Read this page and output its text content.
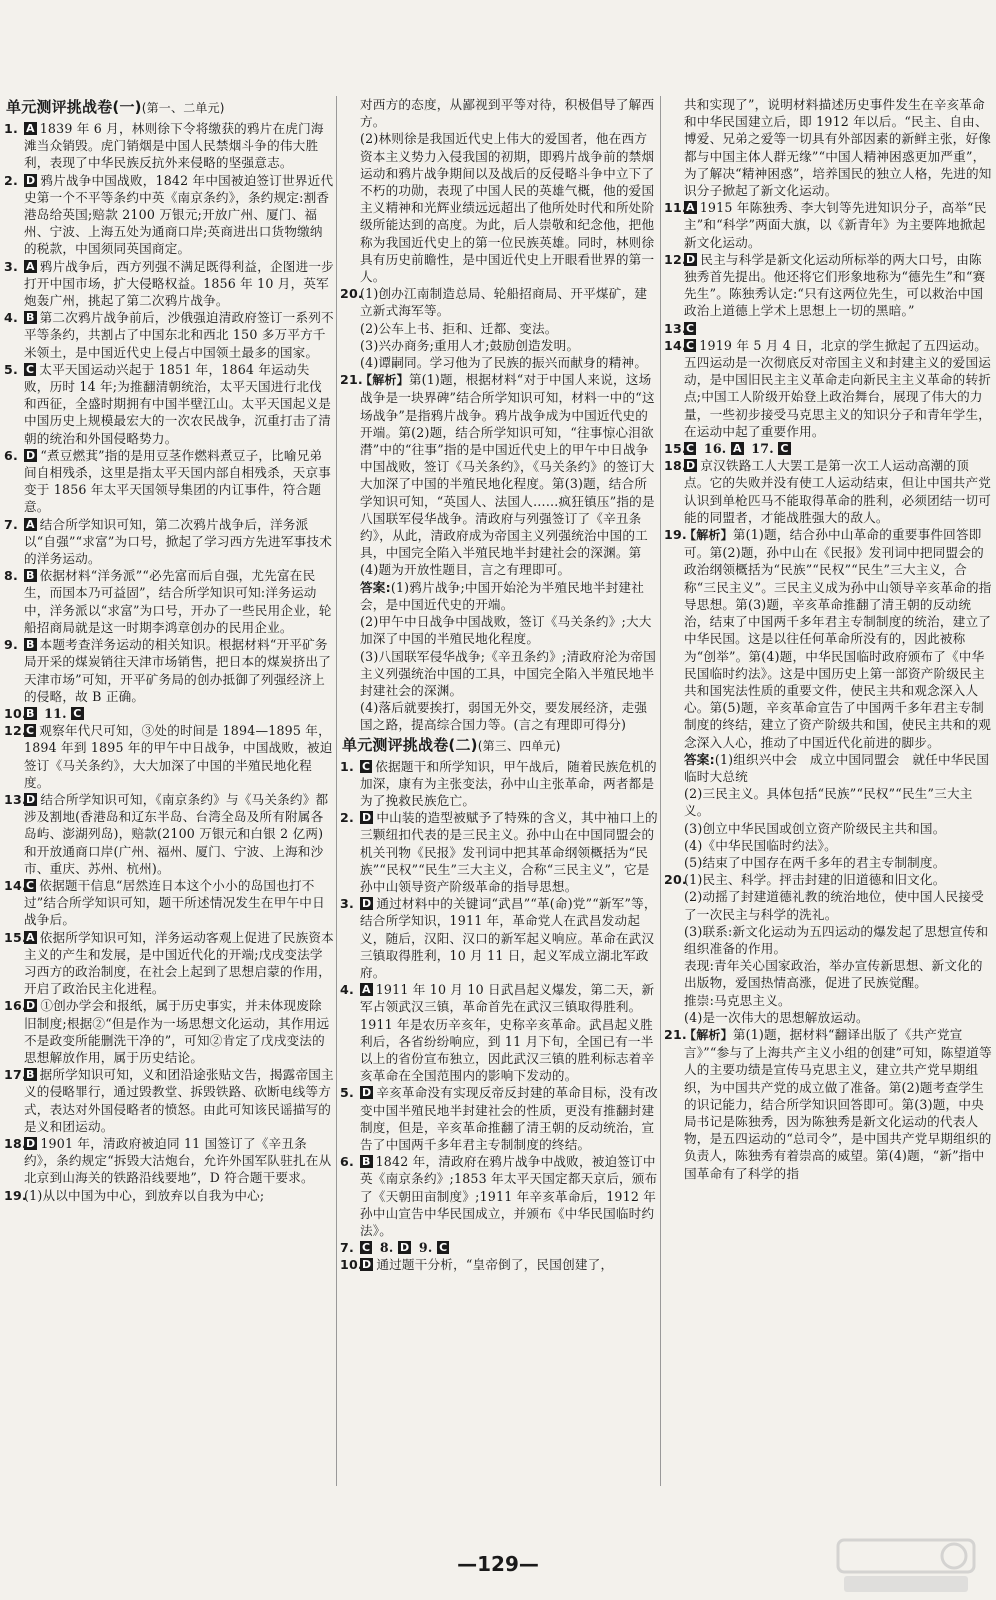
单元测评挑战卷(一)(第一、二单元)
1. A 1839 年 6 月，林则徐下令将缴获的鸦片在虎门海滩当众销毁。虎门销烟是中国人民禁烟斗争的伟大胜利，表现了中华民族反抗外来侵略的坚强意志。
2. D 鸦片战争中国战败，1842 年中国被迫签订世界近代史第一个不平等条约中英《南京条约》，条约规定:割香港岛给英国;赔款 2100 万银元;开放广州、厦门、福州、宁波、上海五处为通商口岸;英商进出口货物缴纳的税款，中国须同英国商定。
3. A 鸦片战争后，西方列强不满足既得利益，企图进一步打开中国市场，扩大侵略权益。1856 年 10 月，英军炮轰广州，挑起了第二次鸦片战争。
4. B 第二次鸦片战争前后，沙俄强迫清政府签订一系列不平等条约，共割占了中国东北和西北 150 多万平方千米领土，是中国近代史上侵占中国领土最多的国家。
5. C 太平天国运动兴起于 1851 年，1864 年运动失败，历时 14 年;为推翻清朝统治，太平天国进行北伐和西征，全盛时期拥有中国半壁江山。太平天国起义是中国历史上规模最宏大的一次农民战争，沉重打击了清朝的统治和外国侵略势力。
6. D “煮豆燃萁”指的是用豆茎作燃料煮豆子，比喻兄弟间自相残杀，这里是指太平天国内部自相残杀，天京事变于 1856 年太平天国领导集团的内讧事件，符合题意。
7. A 结合所学知识可知，第二次鸦片战争后，洋务派以“自强”“求富”为口号，掀起了学习西方先进军事技术的洋务运动。
8. B 依据材料“洋务派”“必先富而后自强，尤先富在民生，而国本乃可益固”，结合所学知识可知:洋务运动中，洋务派以“求富”为口号，开办了一些民用企业，轮船招商局就是这一时期李鸿章创办的民用企业。
9. B 本题考查洋务运动的相关知识。根据材料“开平矿务局开采的煤炭销往天津市场销售，把日本的煤炭挤出了天津市场”可知，开平矿务局的创办抵御了列强经济上的侵略，故 B 正确。
10. B 11. C
12. C 观察年代尺可知，③处的时间是 1894—1895 年，1894 年到 1895 年的甲午中日战争，中国战败，被迫签订《马关条约》，大大加深了中国的半殖民地化程度。
13. D 结合所学知识可知，《南京条约》与《马关条约》都涉及割地(香港岛和辽东半岛、台湾全岛及所有附属各岛屿、澎湖列岛)，赔款(2100 万银元和白银 2 亿两)和开放通商口岸(广州、福州、厦门、宁波、上海和沙市、重庆、苏州、杭州)。
14. C 依据题干信息“居然连日本这个小小的岛国也打不过”结合所学知识可知，题干所述情况发生在甲午中日战争后。
15. A 依据所学知识可知，洋务运动客观上促进了民族资本主义的产生和发展，是中国近代化的开端;戊戌变法学习西方的政治制度，在社会上起到了思想启蒙的作用，开启了政治民主化进程。
16. D ①创办学会和报纸，属于历史事实，并未体现废除旧制度;根据②“但是作为一场思想文化运动，其作用远不是政变所能删洗干净的”，可知②肯定了戊戌变法的思想解放作用，属于历史结论。
17. B 据所学知识可知，义和团沿途张贴文告，揭露帝国主义的侵略罪行，通过毁教堂、拆毁铁路、砍断电线等方式，表达对外国侵略者的愤怒。由此可知该民谣描写的是义和团运动。
18. D 1901 年，清政府被迫同 11 国签订了《辛丑条约》，条约规定“拆毁大沽炮台，允许外国军队驻扎在从北京到山海关的铁路沿线要地”，D 符合题干要求。
19.
(1)从以中国为中心，到放弃以自我为中心;
对西方的态度，从鄙视到平等对待，积极倡导了解西方。
(2)林则徐是我国近代史上伟大的爱国者，他在西方资本主义势力入侵我国的初期，即鸦片战争前的禁烟运动和鸦片战争期间以及战后的反侵略斗争中立下了不朽的功勋，表现了中国人民的英雄气概，他的爱国主义精神和光辉业绩远远超出了他所处时代和所处阶级所能达到的高度。为此，后人崇敬和纪念他，把他称为我国近代史上的第一位民族英雄。同时，林则徐具有历史前瞻性，是中国近代史上开眼看世界的第一人。
20.
(1)创办江南制造总局、轮船招商局、开平煤矿，建立新式海军等。
(2)公车上书、拒和、迁都、变法。
(3)兴办商务;重用人才;鼓励创造发明。
(4)谭嗣同。学习他为了民族的振兴而献身的精神。
21.
【解析】第(1)题，根据材料“对于中国人来说，这场战争是一块界碑”结合所学知识可知，材料一中的“这场战争”是指鸦片战争。鸦片战争成为中国近代史的开端。第(2)题，结合所学知识可知，“往事惊心泪欲潸”中的“往事”指的是中国近代史上的甲午中日战争中国战败，签订《马关条约》，《马关条约》的签订大大加深了中国的半殖民地化程度。第(3)题，结合所学知识可知，“英国人、法国人……疯狂镇压”指的是八国联军侵华战争。清政府与列强签订了《辛丑条约》，从此，清政府成为帝国主义列强统治中国的工具，中国完全陷入半殖民地半封建社会的深渊。第(4)题为开放性题目，言之有理即可。
答案:(1)鸦片战争;中国开始沦为半殖民地半封建社会，是中国近代史的开端。
(2)甲午中日战争中国战败，签订《马关条约》;大大加深了中国的半殖民地化程度。
(3)八国联军侵华战争;《辛丑条约》;清政府沦为帝国主义列强统治中国的工具，中国完全陷入半殖民地半封建社会的深渊。
(4)落后就要挨打，弱国无外交，要发展经济，走强国之路，提高综合国力等。(言之有理即可得分)
单元测评挑战卷(二)(第三、四单元)
1. C 依据题干和所学知识，甲午战后，随着民族危机的加深，康有为主张变法，孙中山主张革命，两者都是为了挽救民族危亡。
2. D 中山装的造型被赋予了特殊的含义，其中袖口上的三颗纽扣代表的是三民主义。孙中山在中国同盟会的机关刊物《民报》发刊词中把其革命纲领概括为“民族”“民权”“民生”三大主义，合称“三民主义”，它是孙中山领导资产阶级革命的指导思想。
3. D 通过材料中的关键词“武昌”“革(命)党”“新军”等，结合所学知识，1911 年，革命党人在武昌发动起义，随后，汉阳、汉口的新军起义响应。革命在武汉三镇取得胜利，10 月 11 日，起义军成立湖北军政府。
4. A 1911 年 10 月 10 日武昌起义爆发，第二天，新军占领武汉三镇，革命首先在武汉三镇取得胜利。1911 年是农历辛亥年，史称辛亥革命。武昌起义胜利后，各省纷纷响应，到 11 月下旬，全国已有一半以上的省份宣布独立，因此武汉三镇的胜利标志着辛亥革命在全国范围内的影响下发动的。
5. D 辛亥革命没有实现反帝反封建的革命目标，没有改变中国半殖民地半封建社会的性质，更没有推翻封建制度，但是，辛亥革命推翻了清王朝的反动统治，宣告了中国两千多年君主专制制度的终结。
6. B 1842 年，清政府在鸦片战争中战败，被迫签订中英《南京条约》;1853 年太平天国定都天京后，颁布了《天朝田亩制度》;1911 年辛亥革命后，1912 年孙中山宣告中华民国成立，并颁布《中华民国临时约法》。
7. C 8. D 9. C
10. D 通过题干分析，“皇帝倒了，民国创建了，
共和实现了”，说明材料描述历史事件发生在辛亥革命和中华民国建立后，即 1912 年以后。“民主、自由、博爱、兄弟之爱等一切具有外部因素的新鲜主张，好像都与中国主体人群无缘”“中国人精神困惑更加严重”，为了解决“精神困惑”，培养国民的独立人格，先进的知识分子掀起了新文化运动。
11. A 1915 年陈独秀、李大钊等先进知识分子，高举“民主”和“科学”两面大旗，以《新青年》为主要阵地掀起新文化运动。
12. D 民主与科学是新文化运动所标举的两大口号，由陈独秀首先提出。他还将它们形象地称为“德先生”和“赛先生”。陈独秀认定:“只有这两位先生，可以救治中国政治上道德上学术上思想上一切的黑暗。”
13. C
14. C 1919 年 5 月 4 日，北京的学生掀起了五四运动。五四运动是一次彻底反对帝国主义和封建主义的爱国运动，是中国旧民主主义革命走向新民主主义革命的转折点;中国工人阶级开始登上政治舞台，展现了伟大的力量，一些初步接受马克思主义的知识分子和青年学生，在运动中起了重要作用。
15. C 16. A 17. C
18. D 京汉铁路工人大罢工是第一次工人运动高潮的顶点。它的失败并没有使工人运动结束，但让中国共产党认识到单枪匹马不能取得革命的胜利，必须团结一切可能的同盟者，才能战胜强大的敌人。
19.
【解析】第(1)题，结合孙中山革命的重要事件回答即可。第(2)题，孙中山在《民报》发刊词中把同盟会的政治纲领概括为“民族”“民权”“民生”三大主义，合称“三民主义”。三民主义成为孙中山领导辛亥革命的指导思想。第(3)题，辛亥革命推翻了清王朝的反动统治，结束了中国两千多年君主专制制度的统治，建立了中华民国。这是以往任何革命所没有的，因此被称为“创举”。第(4)题，中华民国临时政府颁布了《中华民国临时约法》。这是中国历史上第一部资产阶级民主共和国宪法性质的重要文件，使民主共和观念深入人心。第(5)题，辛亥革命宣告了中国两千多年君主专制制度的终结，建立了资产阶级共和国，使民主共和的观念深入人心，推动了中国近代化前进的脚步。
答案:(1)组织兴中会　成立中国同盟会　就任中华民国临时大总统
(2)三民主义。具体包括“民族”“民权”“民生”三大主义。
(3)创立中华民国或创立资产阶级民主共和国。
(4)《中华民国临时约法》。
(5)结束了中国存在两千多年的君主专制制度。
20.
(1)民主、科学。抨击封建的旧道德和旧文化。
(2)动摇了封建道德礼教的统治地位，使中国人民接受了一次民主与科学的洗礼。
(3)联系:新文化运动为五四运动的爆发起了思想宣传和组织准备的作用。
表现:青年关心国家政治，举办宣传新思想、新文化的出版物，爱国热情高涨，促进了民族觉醒。
推崇:马克思主义。
(4)是一次伟大的思想解放运动。
21.
【解析】第(1)题，据材料“翻译出版了《共产党宣言》”“参与了上海共产主义小组的创建”可知，陈望道等人的主要功绩是宣传马克思主义，建立共产党早期组织，为中国共产党的成立做了准备。第(2)题考查学生的识记能力，结合所学知识回答即可。第(3)题，中央局书记是陈独秀，因为陈独秀是新文化运动的代表人物，是五四运动的“总司令”，是中国共产党早期组织的负责人，陈独秀有着崇高的威望。第(4)题，“新”指中国革命有了科学的指
—129—
